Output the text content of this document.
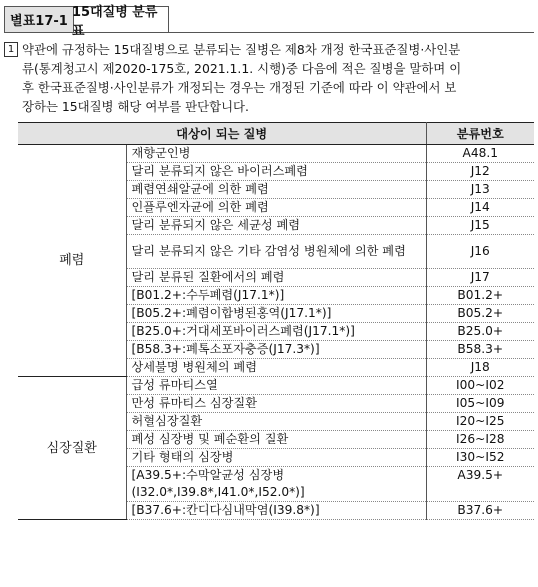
별표17-1
15대질병 분류표
1 약관에 규정하는 15대질병으로 분류되는 질병은 제8차 개정 한국표준질병·사인분
류(통계청고시 제2020-175호, 2021.1.1. 시행)중 다음에 적은 질병을 말하며 이
후 한국표준질병·사인분류가 개정되는 경우는 개정된 기준에 따라 이 약관에서 보
장하는 15대질병 해당 여부를 판단합니다.
대상이 되는 질병		분류번호
폐렴	재향군인병	A48.1
	달리 분류되지 않은 바이러스폐렴	J12
	폐렴연쇄알균에 의한 폐렴	J13
	인플루엔자균에 의한 폐렴	J14
	달리 분류되지 않은 세균성 폐렴	J15
	달리 분류되지 않은 기타 감염성 병원체에 의한 폐렴	J16
	달리 분류된 질환에서의 폐렴	J17
	[B01.2+:수두폐렴(J17.1*)]	B01.2+
	[B05.2+:폐렴이합병된홍역(J17.1*)]	B05.2+
	[B25.0+:거대세포바이러스폐렴(J17.1*)]	B25.0+
	[B58.3+:폐톡소포자충증(J17.3*)]	B58.3+
	상세불명 병원체의 폐렴	J18
심장질환	급성 류마티스열	I00~I02
	만성 류마티스 심장질환	I05~I09
	허혈심장질환	I20~I25
	폐성 심장병 및 폐순환의 질환	I26~I28
	기타 형태의 심장병	I30~I52
	[A39.5+:수막알균성 심장병	A39.5+
	(I32.0*,I39.8*,I41.0*,I52.0*)]	
	[B37.6+:칸디다심내막염(I39.8*)]	B37.6+
